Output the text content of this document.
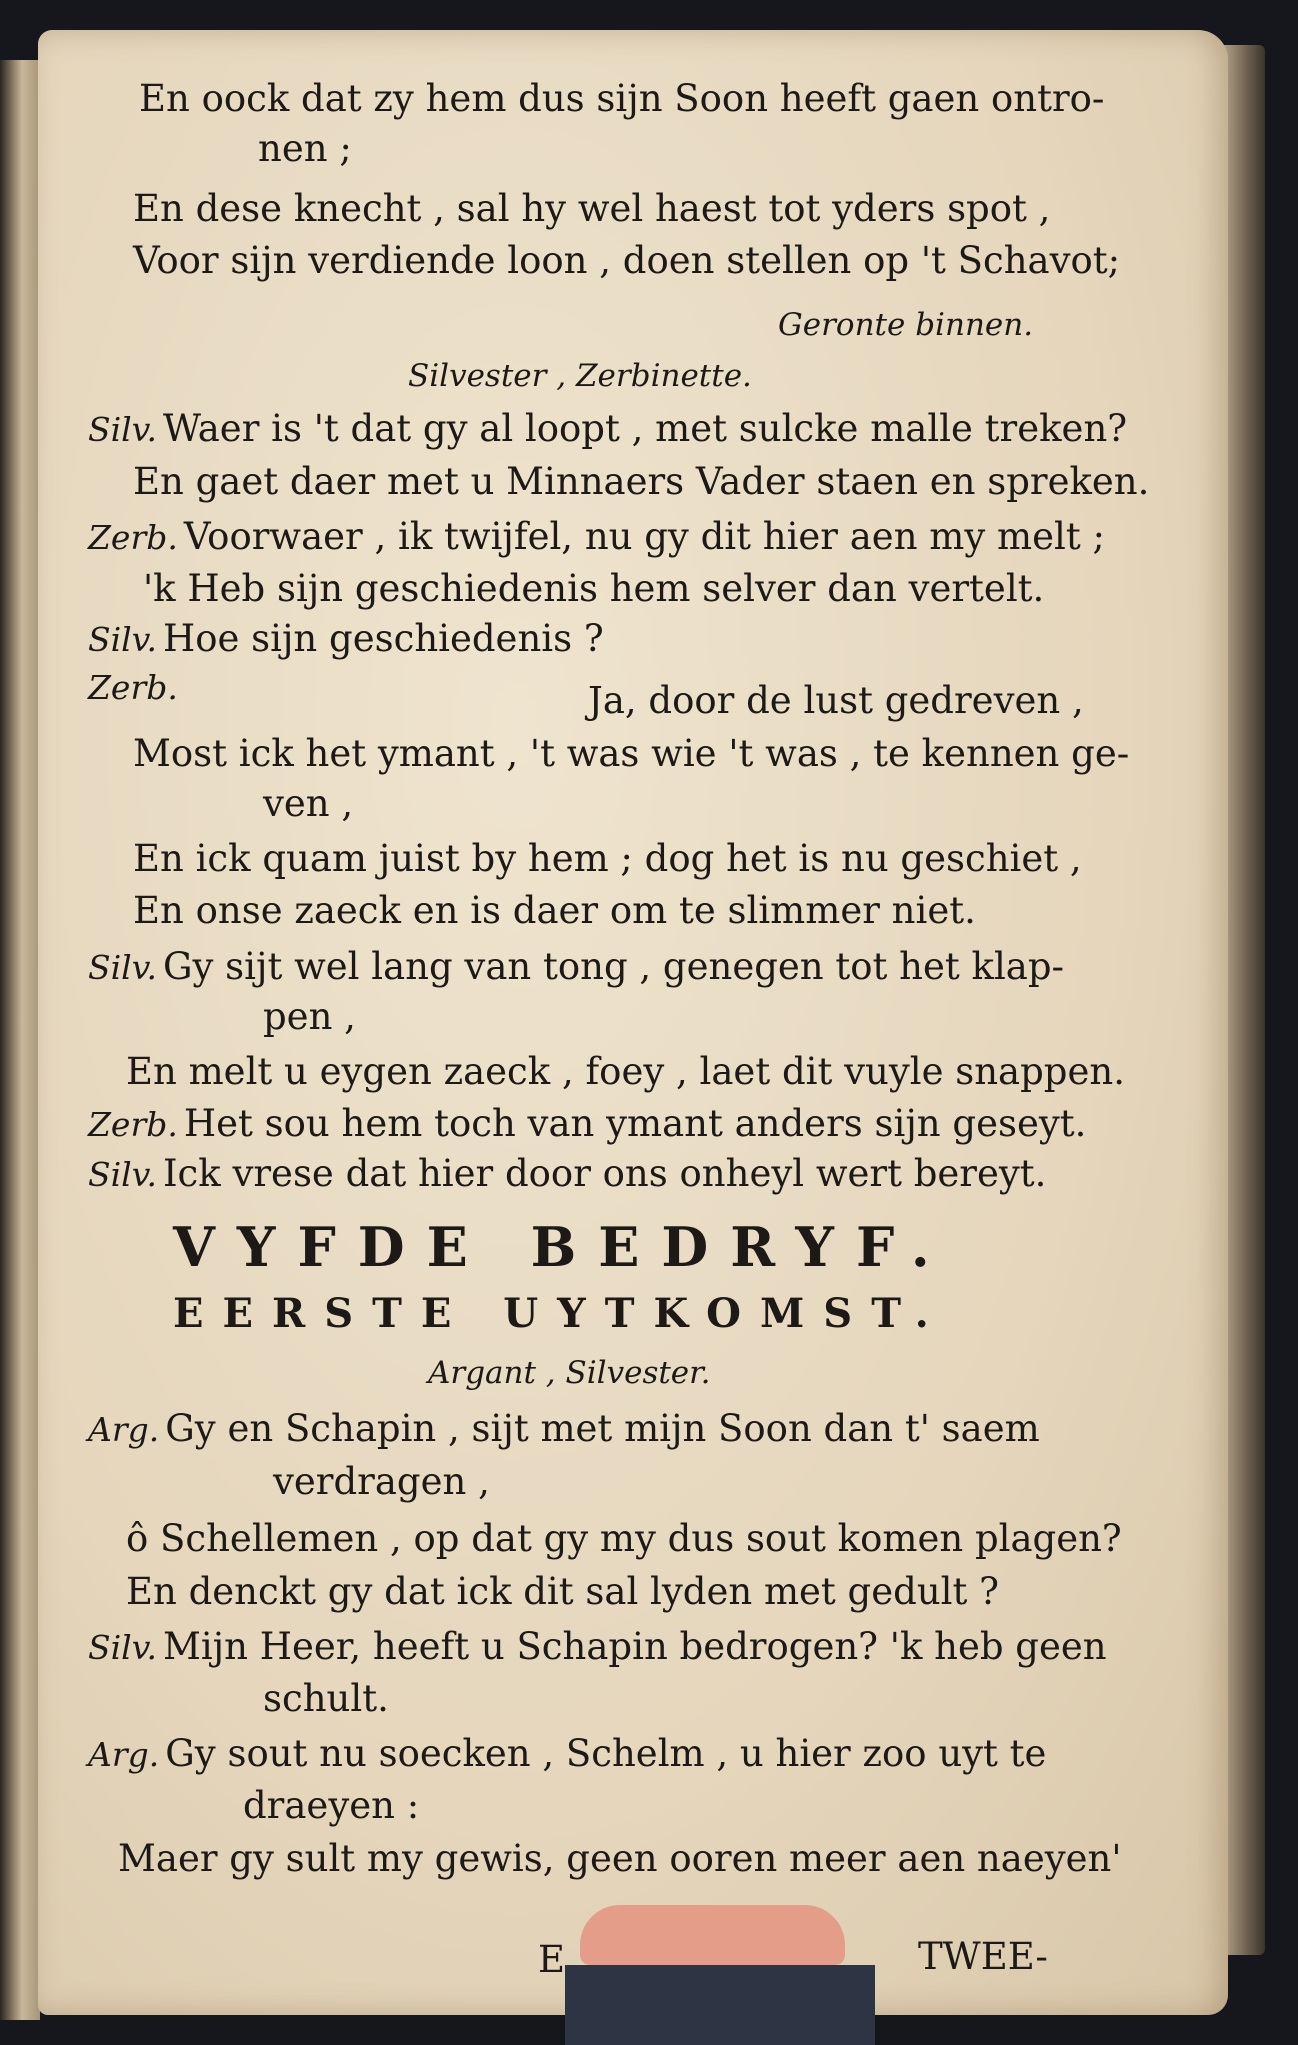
En oock dat zy hem dus sijn Soon heeft gaen ontro-
nen ;
En dese knecht , sal hy wel haest tot yders spot ,
Voor sijn verdiende loon , doen stellen op 't Schavot;
Geronte binnen.
Silvester , Zerbinette.
Silv. Waer is 't dat gy al loopt , met sulcke malle treken?
En gaet daer met u Minnaers Vader staen en spreken.
Zerb. Voorwaer , ik twijfel, nu gy dit hier aen my melt ;
'k Heb sijn geschiedenis hem selver dan vertelt.
Silv. Hoe sijn geschiedenis ?
Zerb.	Ja, door de lust gedreven ,
Most ick het ymant , 't was wie 't was , te kennen ge-
ven ,
En ick quam juist by hem ; dog het is nu geschiet ,
En onse zaeck en is daer om te slimmer niet.
Silv. Gy sijt wel lang van tong , genegen tot het klap-
pen ,
En melt u eygen zaeck , foey , laet dit vuyle snappen.
Zerb. Het sou hem toch van ymant anders sijn geseyt.
Silv. Ick vrese dat hier door ons onheyl wert bereyt.
VYFDE BEDRYF.
EERSTE UYTKOMST.
Argant , Silvester.
Arg. Gy en Schapin , sijt met mijn Soon dan t' saem
verdragen ,
ô Schellemen , op dat gy my dus sout komen plagen?
En denckt gy dat ick dit sal lyden met gedult ?
Silv. Mijn Heer, heeft u Schapin bedrogen? 'k heb geen
schult.
Arg. Gy sout nu soecken , Schelm , u hier zoo uyt te
draeyen :
Maer gy sult my gewis, geen ooren meer aen naeyen'
E	TWEE-
